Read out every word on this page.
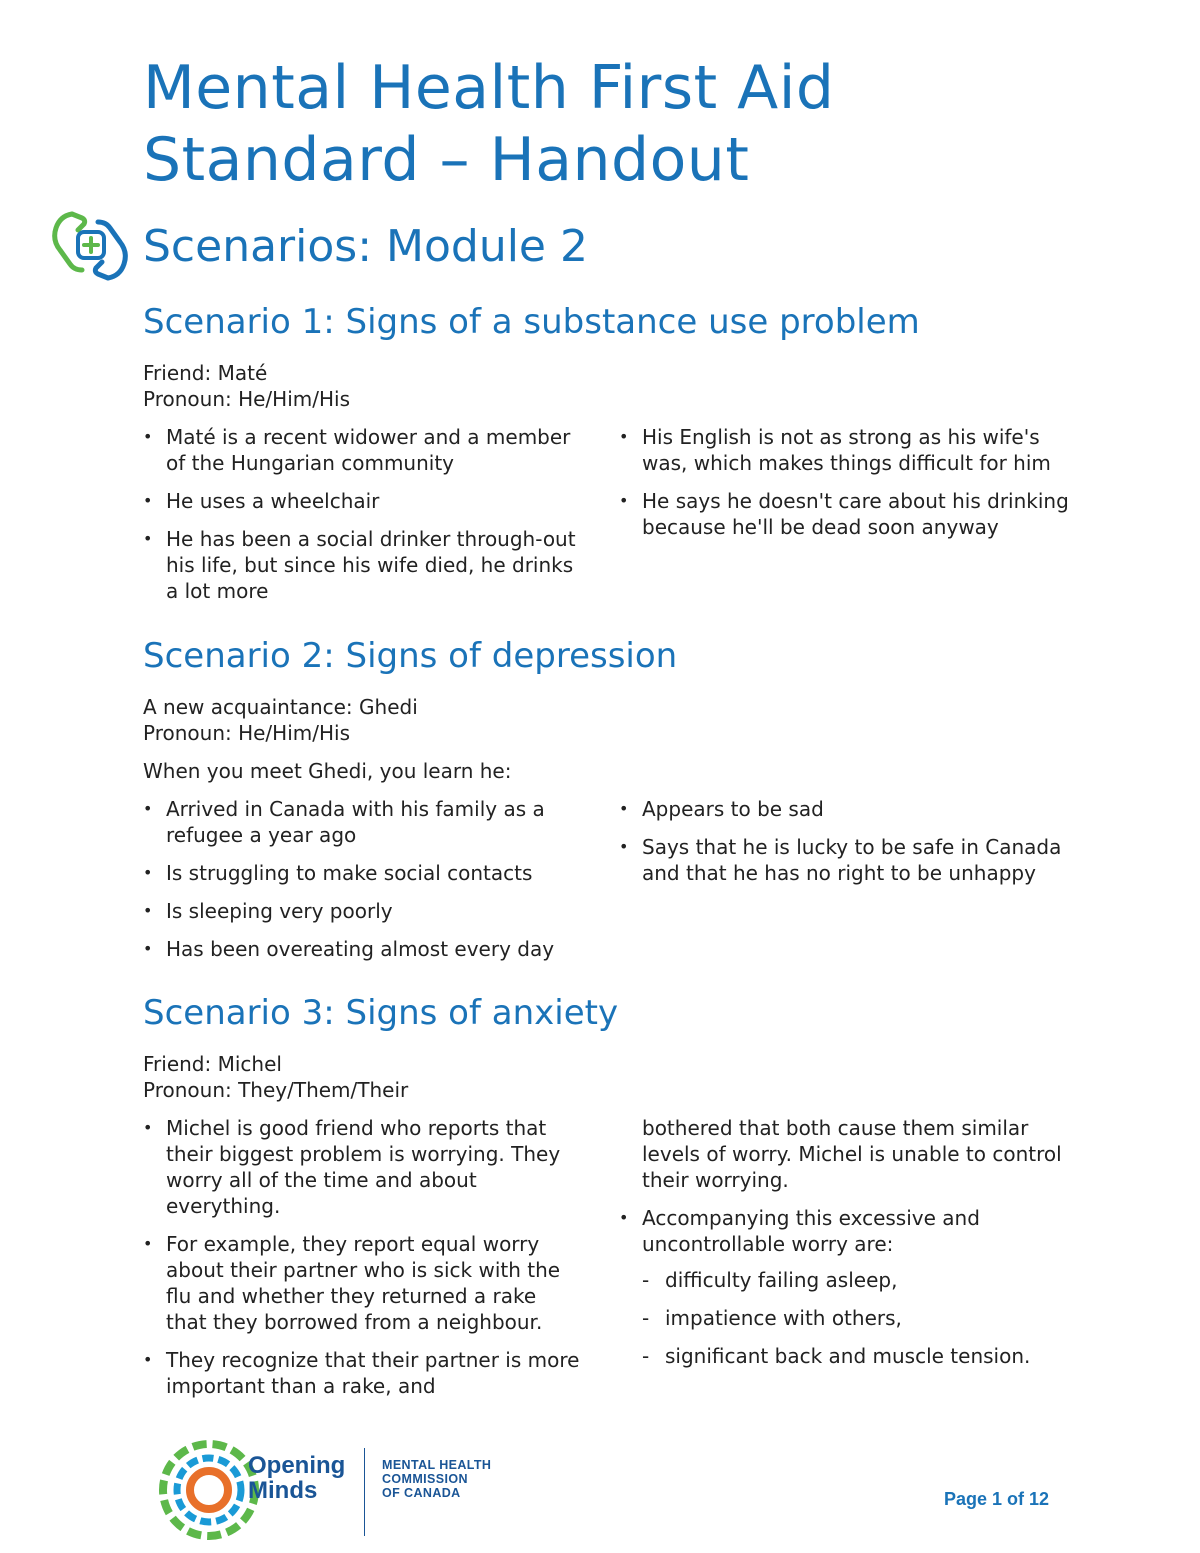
Mental Health First Aid
Standard – Handout
Scenarios: Module 2
Scenario 1: Signs of a substance use problem
Friend: Maté
Pronoun: He/Him/His
• Maté is a recent widower and a member of the Hungarian community
• He uses a wheelchair
• He has been a social drinker through-out his life, but since his wife died, he drinks a lot more
• His English is not as strong as his wife's was, which makes things difficult for him
• He says he doesn't care about his drinking because he'll be dead soon anyway
Scenario 2: Signs of depression
A new acquaintance: Ghedi
Pronoun: He/Him/His
When you meet Ghedi, you learn he:
• Arrived in Canada with his family as a refugee a year ago
• Is struggling to make social contacts
• Is sleeping very poorly
• Has been overeating almost every day
• Appears to be sad
• Says that he is lucky to be safe in Canada and that he has no right to be unhappy
Scenario 3: Signs of anxiety
Friend: Michel
Pronoun: They/Them/Their
• Michel is good friend who reports that their biggest problem is worrying. They worry all of the time and about everything.
• For example, they report equal worry about their partner who is sick with the flu and whether they returned a rake that they borrowed from a neighbour.
• They recognize that their partner is more important than a rake, and
bothered that both cause them similar levels of worry. Michel is unable to control their worrying.
• Accompanying this excessive and uncontrollable worry are:
- difficulty failing asleep,
- impatience with others,
- significant back and muscle tension.
Opening
Minds
MENTAL HEALTH
COMMISSION
OF CANADA	Page 1 of 12
